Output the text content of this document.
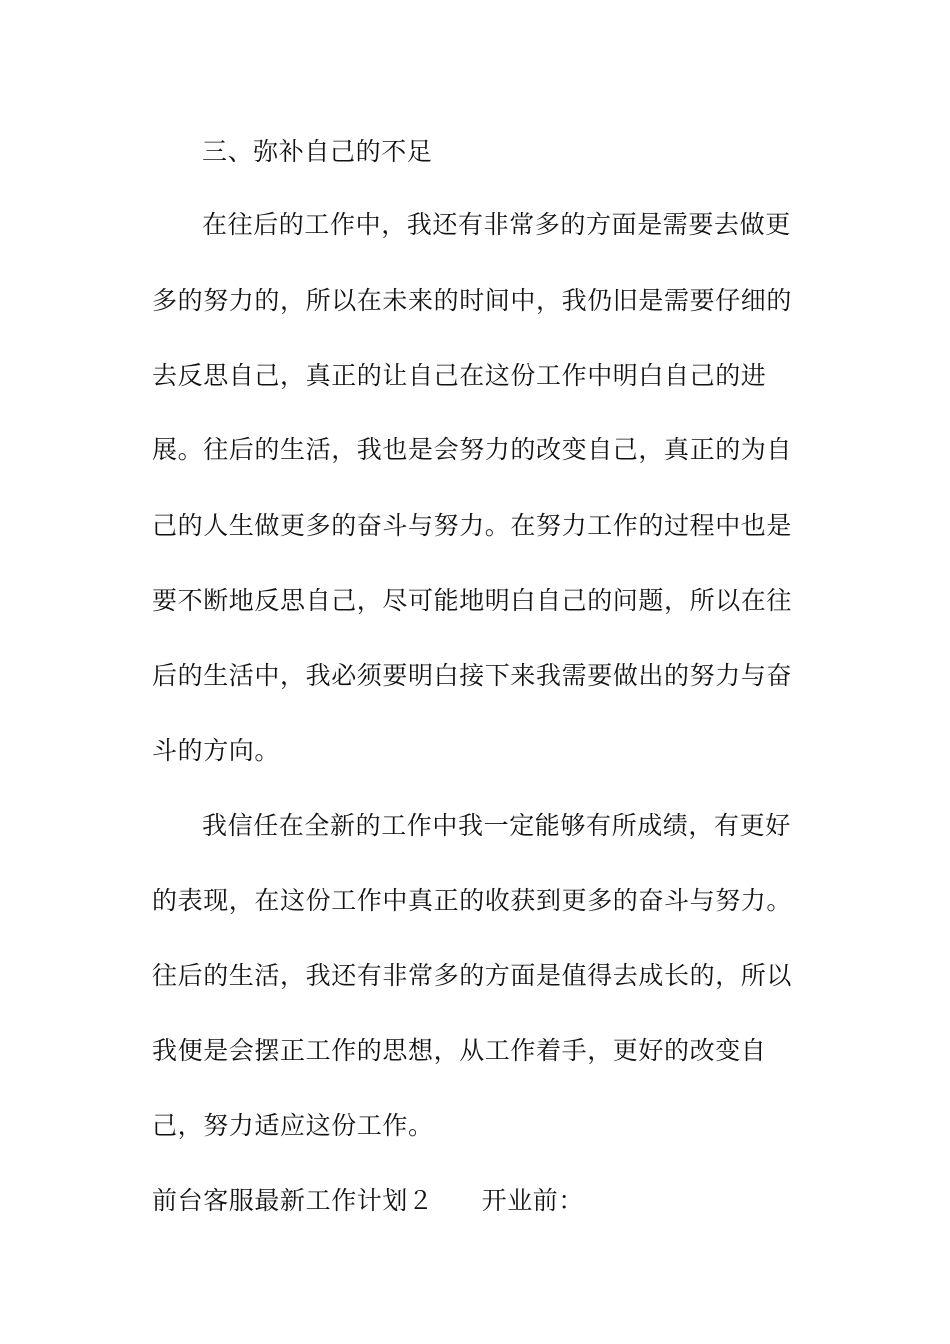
三、弥补自己的不足
在往后的工作中，我还有非常多的方面是需要去做更
多的努力的，所以在未来的时间中，我仍旧是需要仔细的
去反思自己，真正的让自己在这份工作中明白自己的进
展。往后的生活，我也是会努力的改变自己，真正的为自
己的人生做更多的奋斗与努力。在努力工作的过程中也是
要不断地反思自己，尽可能地明白自己的问题，所以在往
后的生活中，我必须要明白接下来我需要做出的努力与奋
斗的方向。
我信任在全新的工作中我一定能够有所成绩，有更好
的表现，在这份工作中真正的收获到更多的奋斗与努力。
往后的生活，我还有非常多的方面是值得去成长的，所以
我便是会摆正工作的思想，从工作着手，更好的改变自
己，努力适应这份工作。
前台客服最新工作计划２ 开业前：
